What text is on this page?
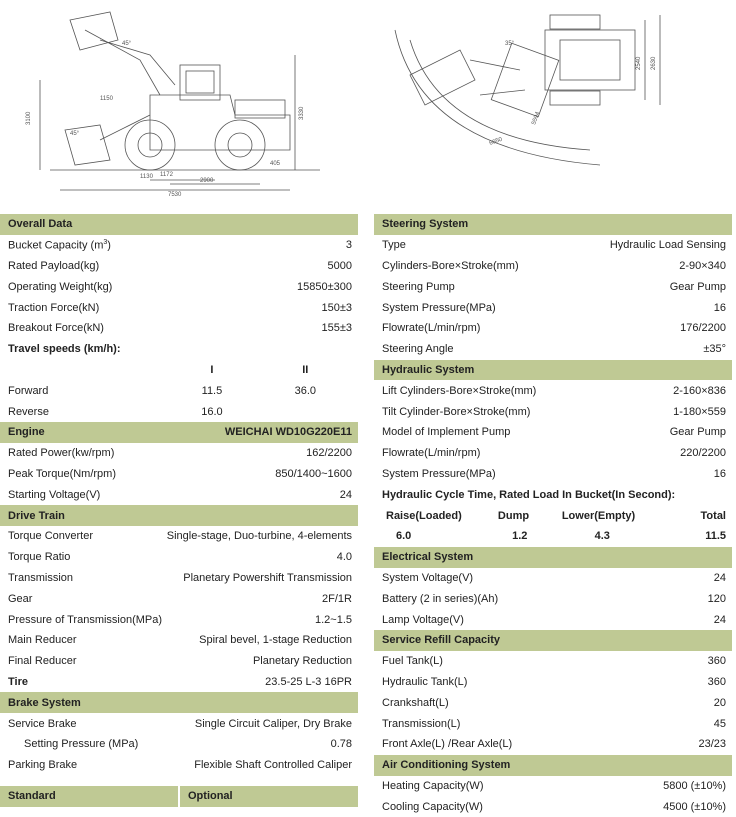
3100	3330
1130 1172
2900
7530
45°
45°
405
1150
2540 2630
5594
6650
35°
Overall Data
Bucket Capacity $(m^3)$	3
Rated Payload(kg)	5000
Operating Weight(kg)	15850±300
Traction Force(kN)	150±3
Breakout Force(kN)	155±3
Travel speeds (km/h):
I	II
Forward	11.5	36.0
Reverse	16.0
Engine	WEICHAI WD10G220E11
Rated Power(kw/rpm)	162/2200
Peak Torque(Nm/rpm)	850/1400~1600
Starting Voltage(V)	24
Drive Train
Torque Converter	Single-stage, Duo-turbine, 4-elements
Torque Ratio	4.0
Transmission	Planetary Powershift Transmission
Gear	2F/1R
Pressure of Transmission(MPa)	1.2~1.5
Main Reducer	Spiral bevel, 1-stage Reduction
Final Reducer	Planetary Reduction
Tire	23.5-25 L-3 16PR
Brake System
Service Brake	Single Circuit Caliper, Dry Brake
Setting Pressure (MPa)	0.78
Parking Brake	Flexible Shaft Controlled Caliper
Standard	Optional
Steering System
Type	Hydraulic Load Sensing
Cylinders-Bore×Stroke(mm)	2-90×340
Steering Pump	Gear Pump
System Pressure(MPa)	16
Flowrate(L/min/rpm)	176/2200
Steering Angle	±35°
Hydraulic System
Lift Cylinders-Bore×Stroke(mm)	2-160×836
Tilt Cylinder-Bore×Stroke(mm)	1-180×559
Model of Implement Pump	Gear Pump
Flowrate(L/min/rpm)	220/2200
System Pressure(MPa)	16
Hydraulic Cycle Time, Rated Load In Bucket(In Second):
Raise(Loaded)	Dump	Lower(Empty)	Total
6.0	1.2	4.3	11.5
Electrical System
System Voltage(V)	24
Battery (2 in series)(Ah)	120
Lamp Voltage(V)	24
Service Refill Capacity
Fuel Tank(L)	360
Hydraulic Tank(L)	360
Crankshaft(L)	20
Transmission(L)	45
Front Axle(L) /Rear Axle(L)	23/23
Air Conditioning System
Heating Capacity(W)	5800 (±10%)
Cooling Capacity(W)	4500 (±10%)
